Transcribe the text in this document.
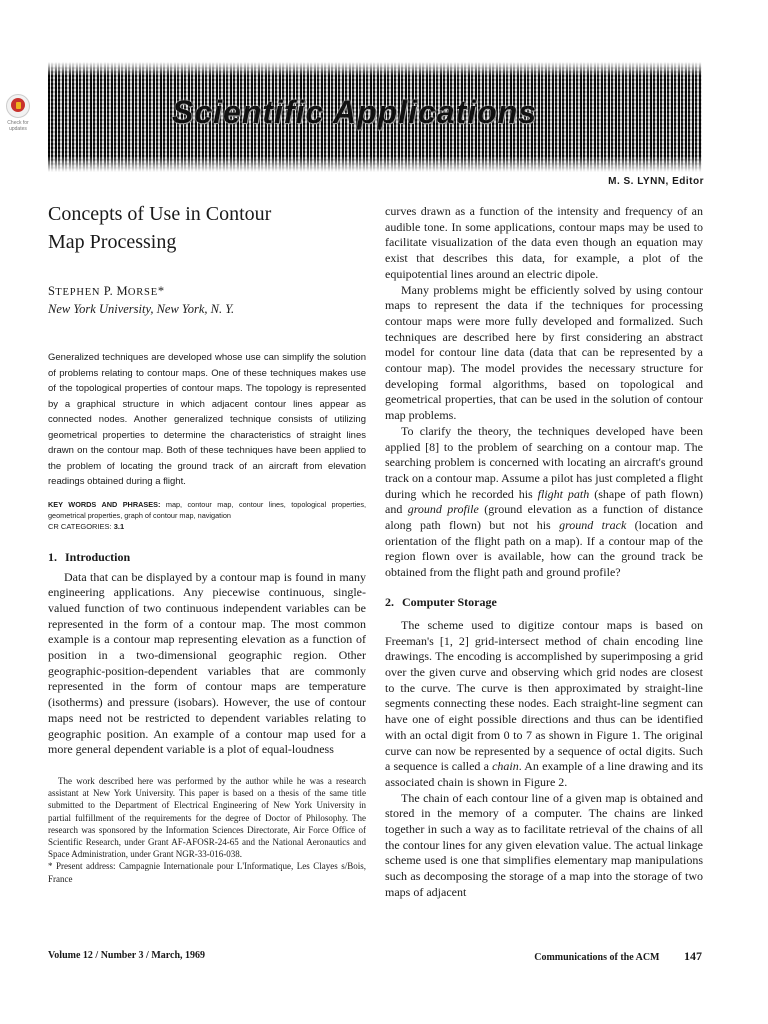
Scientific Applications
Check for updates
M. S. LYNN, Editor
Concepts of Use in Contour
Map Processing
STEPHEN P. MORSE*
New York University, New York, N. Y.
Generalized techniques are developed whose use can simplify the solution of problems relating to contour maps. One of these techniques makes use of the topological properties of contour maps. The topology is represented by a graphical structure in which adjacent contour lines appear as connected nodes. Another generalized technique consists of utilizing geometrical properties to determine the characteristics of straight lines drawn on the contour map. Both of these techniques have been applied to the problem of locating the ground track of an aircraft from elevation readings obtained during a flight.
KEY WORDS AND PHRASES: map, contour map, contour lines, topological properties, geometrical properties, graph of contour map, navigation
CR CATEGORIES: 3.1
1. Introduction

Data that can be displayed by a contour map is found in many engineering applications. Any piecewise continuous, single-valued function of two continuous independent variables can be represented in the form of a contour map. The most common example is a contour map representing elevation as a function of position in a two-dimensional geographic region. Other geographic-position-dependent variables that are commonly represented in the form of contour maps are temperature (isotherms) and pressure (isobars). However, the use of contour maps need not be restricted to dependent variables relating to geographic position. An example of a contour map used for a more general dependent variable is a plot of equal-loudness

The work described here was performed by the author while he was a research assistant at New York University. This paper is based on a thesis of the same title submitted to the Department of Electrical Engineering of New York University in partial fulfillment of the requirements for the degree of Doctor of Philosophy. The research was sponsored by the Information Sciences Directorate, Air Force Office of Scientific Research, under Grant AF-AFOSR-24-65 and the National Aeronautics and Space Administration, under Grant NGR-33-016-038.

* Present address: Campagnie Internationale pour L'Informatique, Les Clayes s/Bois, France

curves drawn as a function of the intensity and frequency of an audible tone. In some applications, contour maps may be used to facilitate visualization of the data even though an equation may exist that describes this data, for example, a plot of the equipotential lines around an electric dipole.

Many problems might be efficiently solved by using contour maps to represent the data if the techniques for processing contour maps were more fully developed and formalized. Such techniques are described here by first considering an abstract model for contour line data (data that can be represented by a contour map). The model provides the necessary structure for developing formal algorithms, based on topological and geometrical properties, that can be used in the solution of contour map problems.

To clarify the theory, the techniques developed have been applied [8] to the problem of searching on a contour map. The searching problem is concerned with locating an aircraft's ground track on a contour map. Assume a pilot has just completed a flight during which he recorded his flight path (shape of path flown) and ground profile (ground elevation as a function of distance along path flown) but not his ground track (location and orientation of the flight path on a map). If a contour map of the region flown over is available, how can the ground track be obtained from the flight path and ground profile?

2. Computer Storage

The scheme used to digitize contour maps is based on Freeman's [1, 2] grid-intersect method of chain encoding line drawings. The encoding is accomplished by superimposing a grid over the given curve and observing which grid nodes are closest to the curve. The curve is then approximated by straight-line segments connecting these nodes. Each straight-line segment can have one of eight possible directions and thus can be identified with an octal digit from 0 to 7 as shown in Figure 1. The original curve can now be represented by a sequence of octal digits. Such a sequence is called a chain. An example of a line drawing and its associated chain is shown in Figure 2.

The chain of each contour line of a given map is obtained and stored in the memory of a computer. The chains are linked together in such a way as to facilitate retrieval of the chains of all the contour lines for any given elevation value. The actual linkage scheme used is one that simplifies elementary map manipulations such as decomposing the storage of a map into the storage of two maps of adjacent

Volume 12 / Number 3 / March, 1969	Communications of the ACM 147
